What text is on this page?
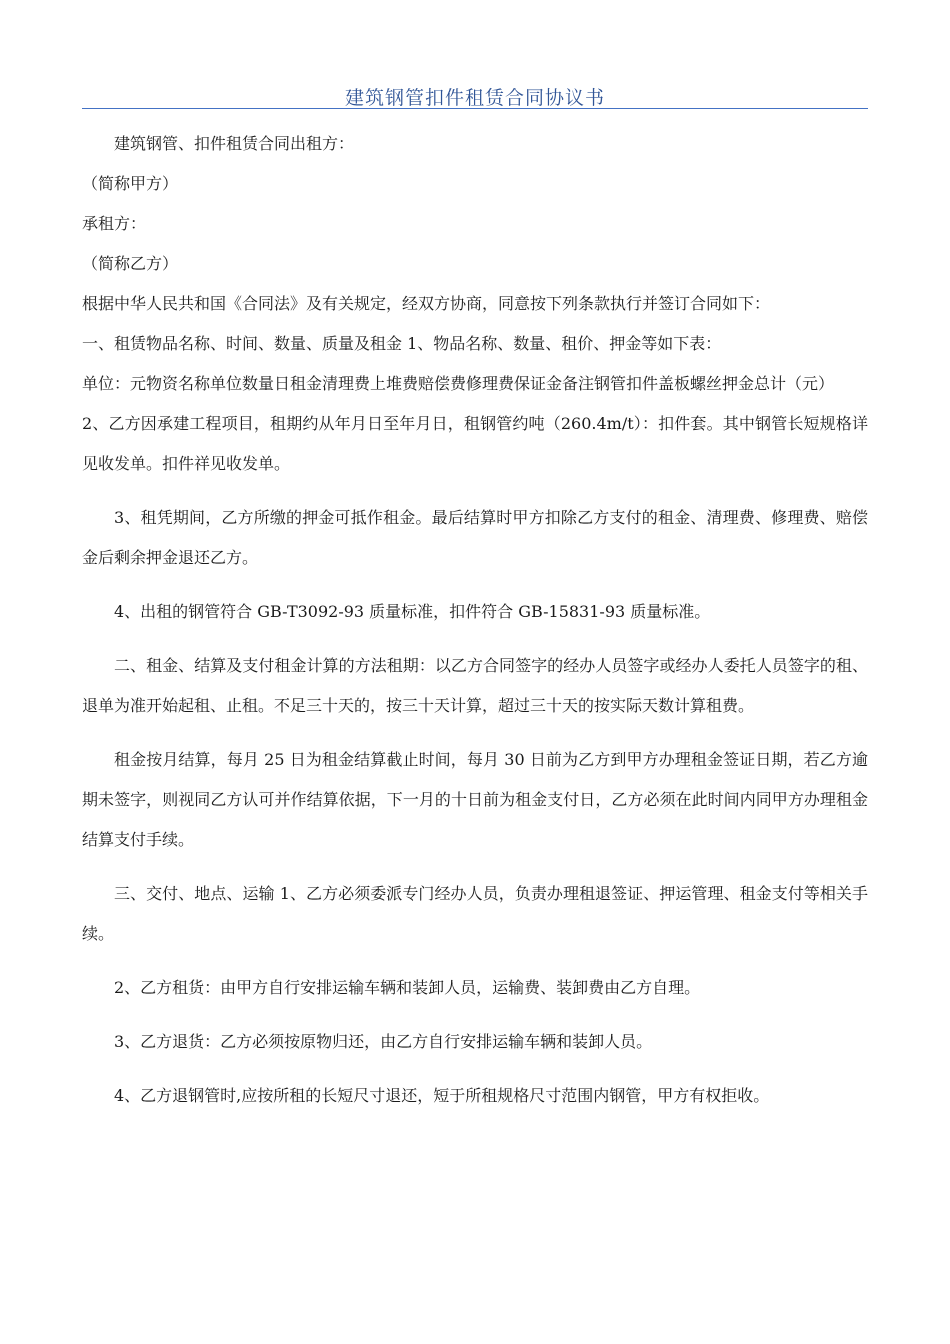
建筑钢管扣件租赁合同协议书

建筑钢管、扣件租赁合同出租方：

（简称甲方）

承租方：

（简称乙方）

根据中华人民共和国《合同法》及有关规定，经双方协商，同意按下列条款执行并签订合同如下：

一、租赁物品名称、时间、数量、质量及租金 1、物品名称、数量、租价、押金等如下表：

单位：元物资名称单位数量日租金清理费上堆费赔偿费修理费保证金备注钢管扣件盖板螺丝押金总计（元）

2、乙方因承建工程项目，租期约从年月日至年月日，租钢管约吨（260.4m/t）：扣件套。其中钢管长短规格详见收发单。扣件祥见收发单。

3、租凭期间，乙方所缴的押金可抵作租金。最后结算时甲方扣除乙方支付的租金、清理费、修理费、赔偿金后剩余押金退还乙方。

4、出租的钢管符合 GB-T3092-93 质量标准，扣件符合 GB-15831-93 质量标准。

二、租金、结算及支付租金计算的方法租期：以乙方合同签字的经办人员签字或经办人委托人员签字的租、退单为准开始起租、止租。不足三十天的，按三十天计算，超过三十天的按实际天数计算租费。

租金按月结算，每月 25 日为租金结算截止时间，每月 30 日前为乙方到甲方办理租金签证日期，若乙方逾期未签字，则视同乙方认可并作结算依据，下一月的十日前为租金支付日，乙方必须在此时间内同甲方办理租金结算支付手续。

三、交付、地点、运输 1、乙方必须委派专门经办人员，负责办理租退签证、押运管理、租金支付等相关手续。

2、乙方租货：由甲方自行安排运输车辆和装卸人员，运输费、装卸费由乙方自理。

3、乙方退货：乙方必须按原物归还，由乙方自行安排运输车辆和装卸人员。

4、乙方退钢管时,应按所租的长短尺寸退还，短于所租规格尺寸范围内钢管，甲方有权拒收。
